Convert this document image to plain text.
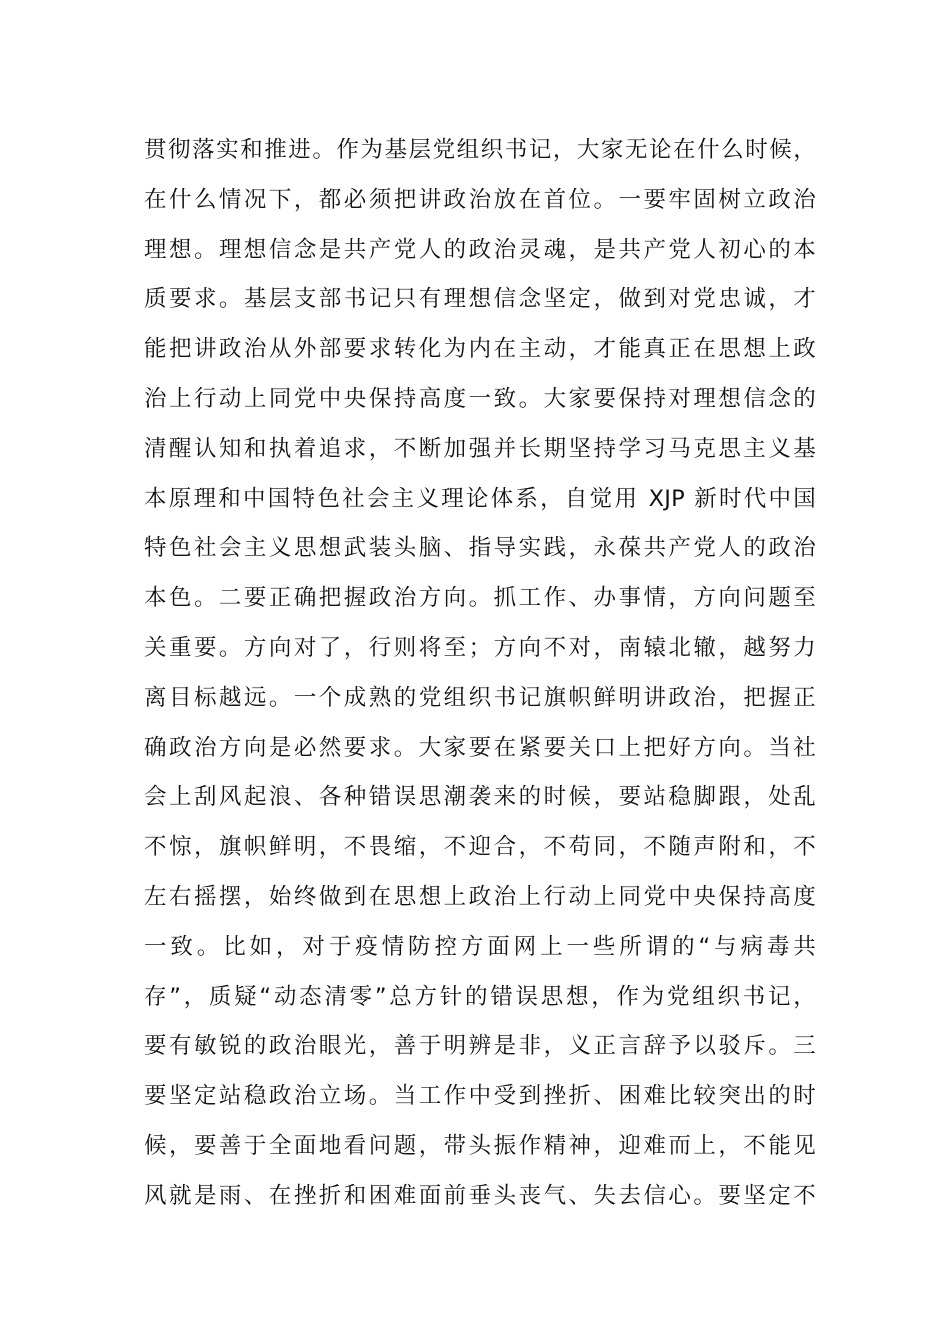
贯彻落实和推进。作为基层党组织书记，大家无论在什么时候，
在什么情况下，都必须把讲政治放在首位。一要牢固树立政治
理想。理想信念是共产党人的政治灵魂，是共产党人初心的本
质要求。基层支部书记只有理想信念坚定，做到对党忠诚，才
能把讲政治从外部要求转化为内在主动，才能真正在思想上政
治上行动上同党中央保持高度一致。大家要保持对理想信念的
清醒认知和执着追求，不断加强并长期坚持学习马克思主义基
本原理和中国特色社会主义理论体系，自觉用 XJP 新时代中国
特色社会主义思想武装头脑、指导实践，永葆共产党人的政治
本色。二要正确把握政治方向。抓工作、办事情，方向问题至
关重要。方向对了，行则将至；方向不对，南辕北辙，越努力
离目标越远。一个成熟的党组织书记旗帜鲜明讲政治，把握正
确政治方向是必然要求。大家要在紧要关口上把好方向。当社
会上刮风起浪、各种错误思潮袭来的时候，要站稳脚跟，处乱
不惊，旗帜鲜明，不畏缩，不迎合，不苟同，不随声附和，不
左右摇摆，始终做到在思想上政治上行动上同党中央保持高度
一致。比如，对于疫情防控方面网上一些所谓的“与病毒共
存”，质疑“动态清零”总方针的错误思想，作为党组织书记，
要有敏锐的政治眼光，善于明辨是非，义正言辞予以驳斥。三
要坚定站稳政治立场。当工作中受到挫折、困难比较突出的时
候，要善于全面地看问题，带头振作精神，迎难而上，不能见
风就是雨、在挫折和困难面前垂头丧气、失去信心。要坚定不
